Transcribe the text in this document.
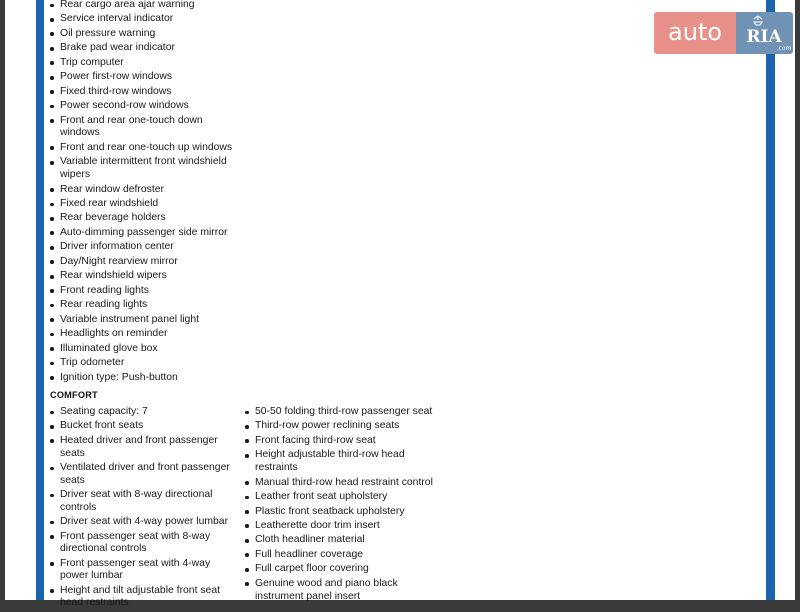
Rear cargo area ajar warning
Service interval indicator
Oil pressure warning
Brake pad wear indicator
Trip computer
Power first-row windows
Fixed third-row windows
Power second-row windows
Front and rear one-touch down windows
Front and rear one-touch up windows
Variable intermittent front windshield wipers
Rear window defroster
Fixed rear windshield
Rear beverage holders
Auto-dimming passenger side mirror
Driver information center
Day/Night rearview mirror
Rear windshield wipers
Front reading lights
Rear reading lights
Variable instrument panel light
Headlights on reminder
Illuminated glove box
Trip odometer
Ignition type: Push-button
COMFORT
Seating capacity: 7
Bucket front seats
Heated driver and front passenger seats
Ventilated driver and front passenger seats
Driver seat with 8-way directional controls
Driver seat with 4-way power lumbar
Front passenger seat with 8-way directional controls
Front passenger seat with 4-way power lumbar
Height and tilt adjustable front seat head restraints
50-50 folding third-row passenger seat
Third-row power reclining seats
Front facing third-row seat
Height adjustable third-row head restraints
Manual third-row head restraint control
Leather front seat upholstery
Plastic front seatback upholstery
Leatherette door trim insert
Cloth headliner material
Full headliner coverage
Full carpet floor covering
Genuine wood and piano black instrument panel insert
auto	RIA
.com
